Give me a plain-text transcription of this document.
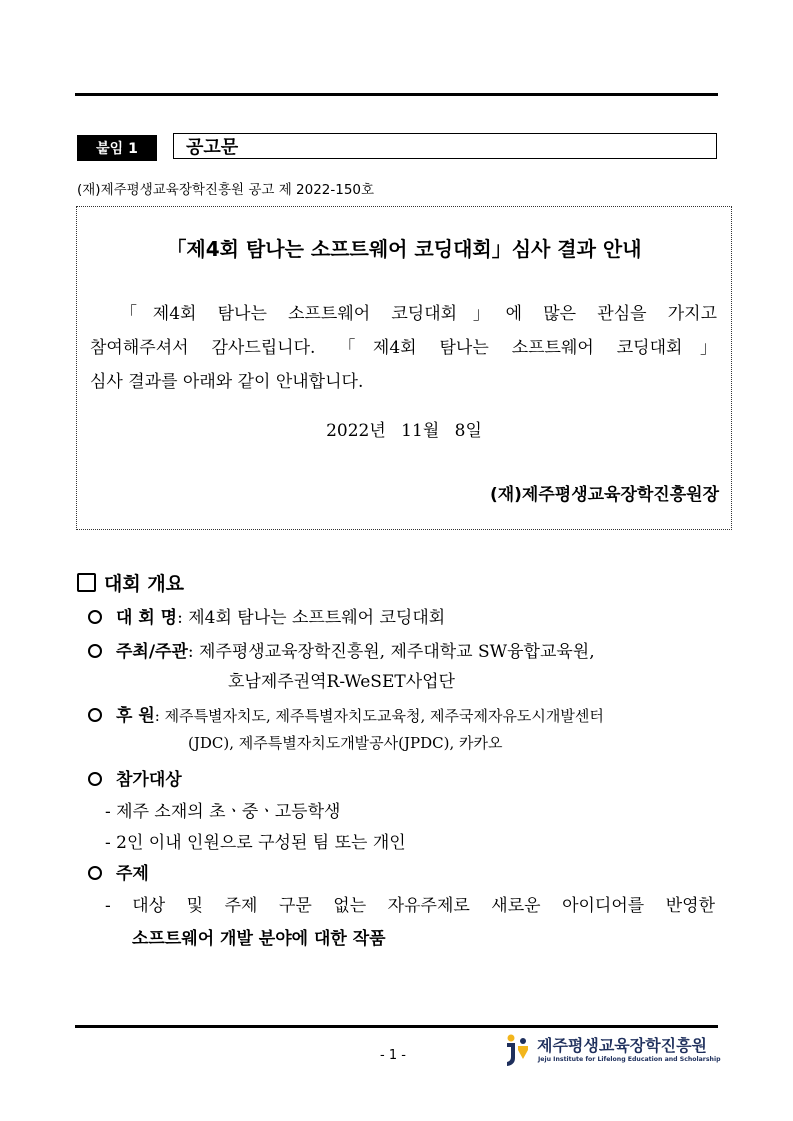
붙임 1	공고문
(재)제주평생교육장학진흥원 공고 제 2022-150호
「제4회 탐나는 소프트웨어 코딩대회」심사 결과 안내
「제4회 탐나는 소프트웨어 코딩대회」에 많은 관심을 가지고
참여해주셔서 감사드립니다. 「제4회 탐나는 소프트웨어 코딩대회」
심사 결과를 아래와 같이 안내합니다.
2022년 11월 8일
(재)제주평생교육장학진흥원장
대회 개요
대 회 명 : 제4회 탐나는 소프트웨어 코딩대회
주최/주관 : 제주평생교육장학진흥원, 제주대학교 SW융합교육원,
호남제주권역R-WeSET사업단
후 원 : 제주특별자치도, 제주특별자치도교육청, 제주국제자유도시개발센터
(JDC), 제주특별자치도개발공사(JPDC), 카카오
참가대상
- 제주 소재의 초ㆍ중ㆍ고등학생
- 2인 이내 인원으로 구성된 팀 또는 개인
주제
- 대상 및 주제 구문 없는 자유주제로 새로운 아이디어를 반영한
소프트웨어 개발 분야에 대한 작품
- 1 -
제주평생교육장학진흥원
Jeju Institute for Lifelong Education and Scholarship
